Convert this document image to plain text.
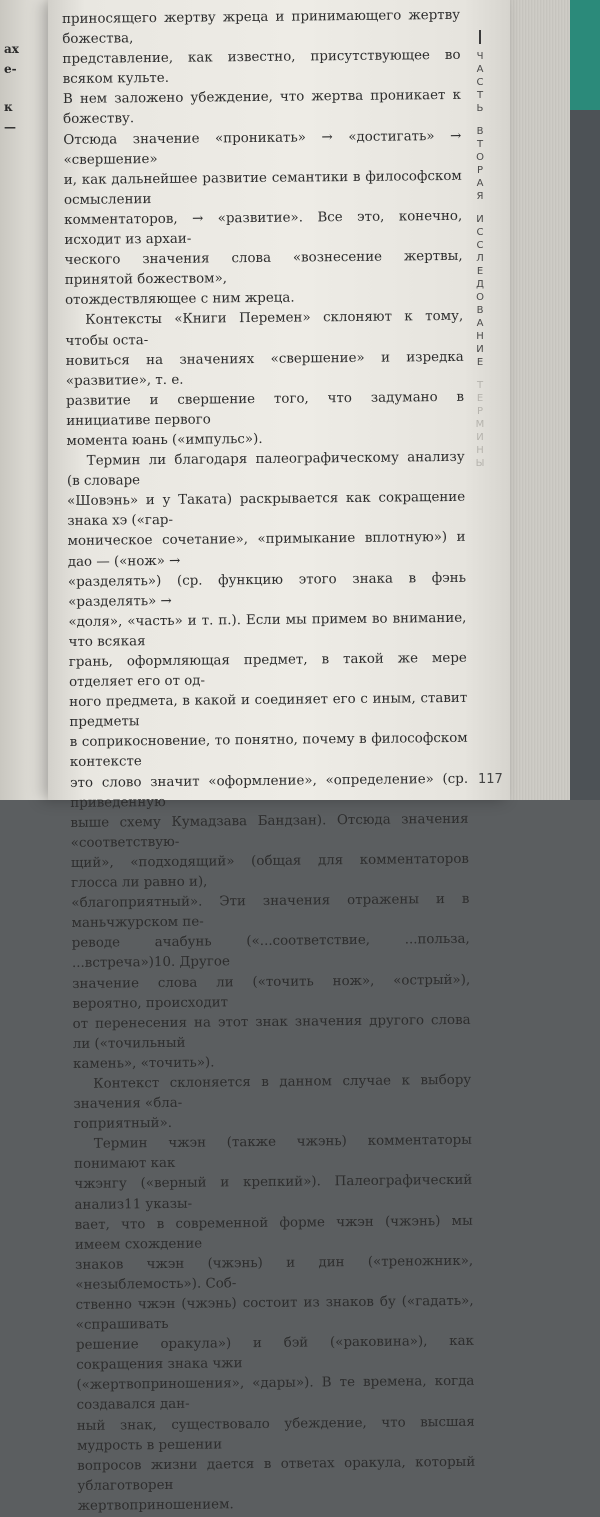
ах
е-
к
—

приносящего жертву жреца и принимающего жертву божества,

представление, как известно, присутствующее во всяком культе.

В нем заложено убеждение, что жертва проникает к божеству.

Отсюда значение «проникать» → «достигать» → «свершение»

и, как дальнейшее развитие семантики в философском осмыслении

комментаторов, → «развитие». Все это, конечно, исходит из архаи-

ческого значения слова «вознесение жертвы, принятой божеством»,

отождествляющее с ним жреца.

Контексты «Книги Перемен» склоняют к тому, чтобы оста-

новиться на значениях «свершение» и изредка «развитие», т. е.

развитие и свершение того, что задумано в инициативе первого

момента юань («импульс»).

Термин ли благодаря палеографическому анализу (в словаре

«Шовэнь» и у Таката) раскрывается как сокращение знака хэ («гар-

моническое сочетание», «примыкание вплотную») и дао — («нож» →

«разделять») (ср. функцию этого знака в фэнь «разделять» →

«доля», «часть» и т. п.). Если мы примем во внимание, что всякая

грань, оформляющая предмет, в такой же мере отделяет его от од-

ного предмета, в какой и соединяет его с иным, ставит предметы

в соприкосновение, то понятно, почему в философском контексте

это слово значит «оформление», «определение» (ср. приведенную

выше схему Кумадзава Бандзан). Отсюда значения «соответствую-

щий», «подходящий» (общая для комментаторов глосса ли равно и),

«благоприятный». Эти значения отражены и в маньчжурском пе-

реводе ачабунь («...соответствие, ...польза, ...встреча»)10. Другое

значение слова ли («точить нож», «острый»), вероятно, происходит

от перенесения на этот знак значения другого слова ли («точильный

камень», «точить»).

Контекст склоняется в данном случае к выбору значения «бла-

гоприятный».

Термин чжэн (также чжэнь) комментаторы понимают как

чжэнгу («верный и крепкий»). Палеографический анализ11 указы-

вает, что в современной форме чжэн (чжэнь) мы имеем схождение

знаков чжэн (чжэнь) и дин («треножник», «незыблемость»). Соб-

ственно чжэн (чжэнь) состоит из знаков бу («гадать», «спрашивать

решение оракула») и бэй («раковина»), как сокращения знака чжи

(«жертвоприношения», «дары»). В те времена, когда создавался дан-

ный знак, существовало убеждение, что высшая мудрость в решении

вопросов жизни дается в ответах оракула, который ублаготворен

жертвоприношением.

Ч
А
С
Т
Ь
В
Т
О
Р
А
Я
И
С
С
Л
Е
Д
О
В
А
Н
И
Е
Т
Е
Р
М
И
Н
Ы
117
